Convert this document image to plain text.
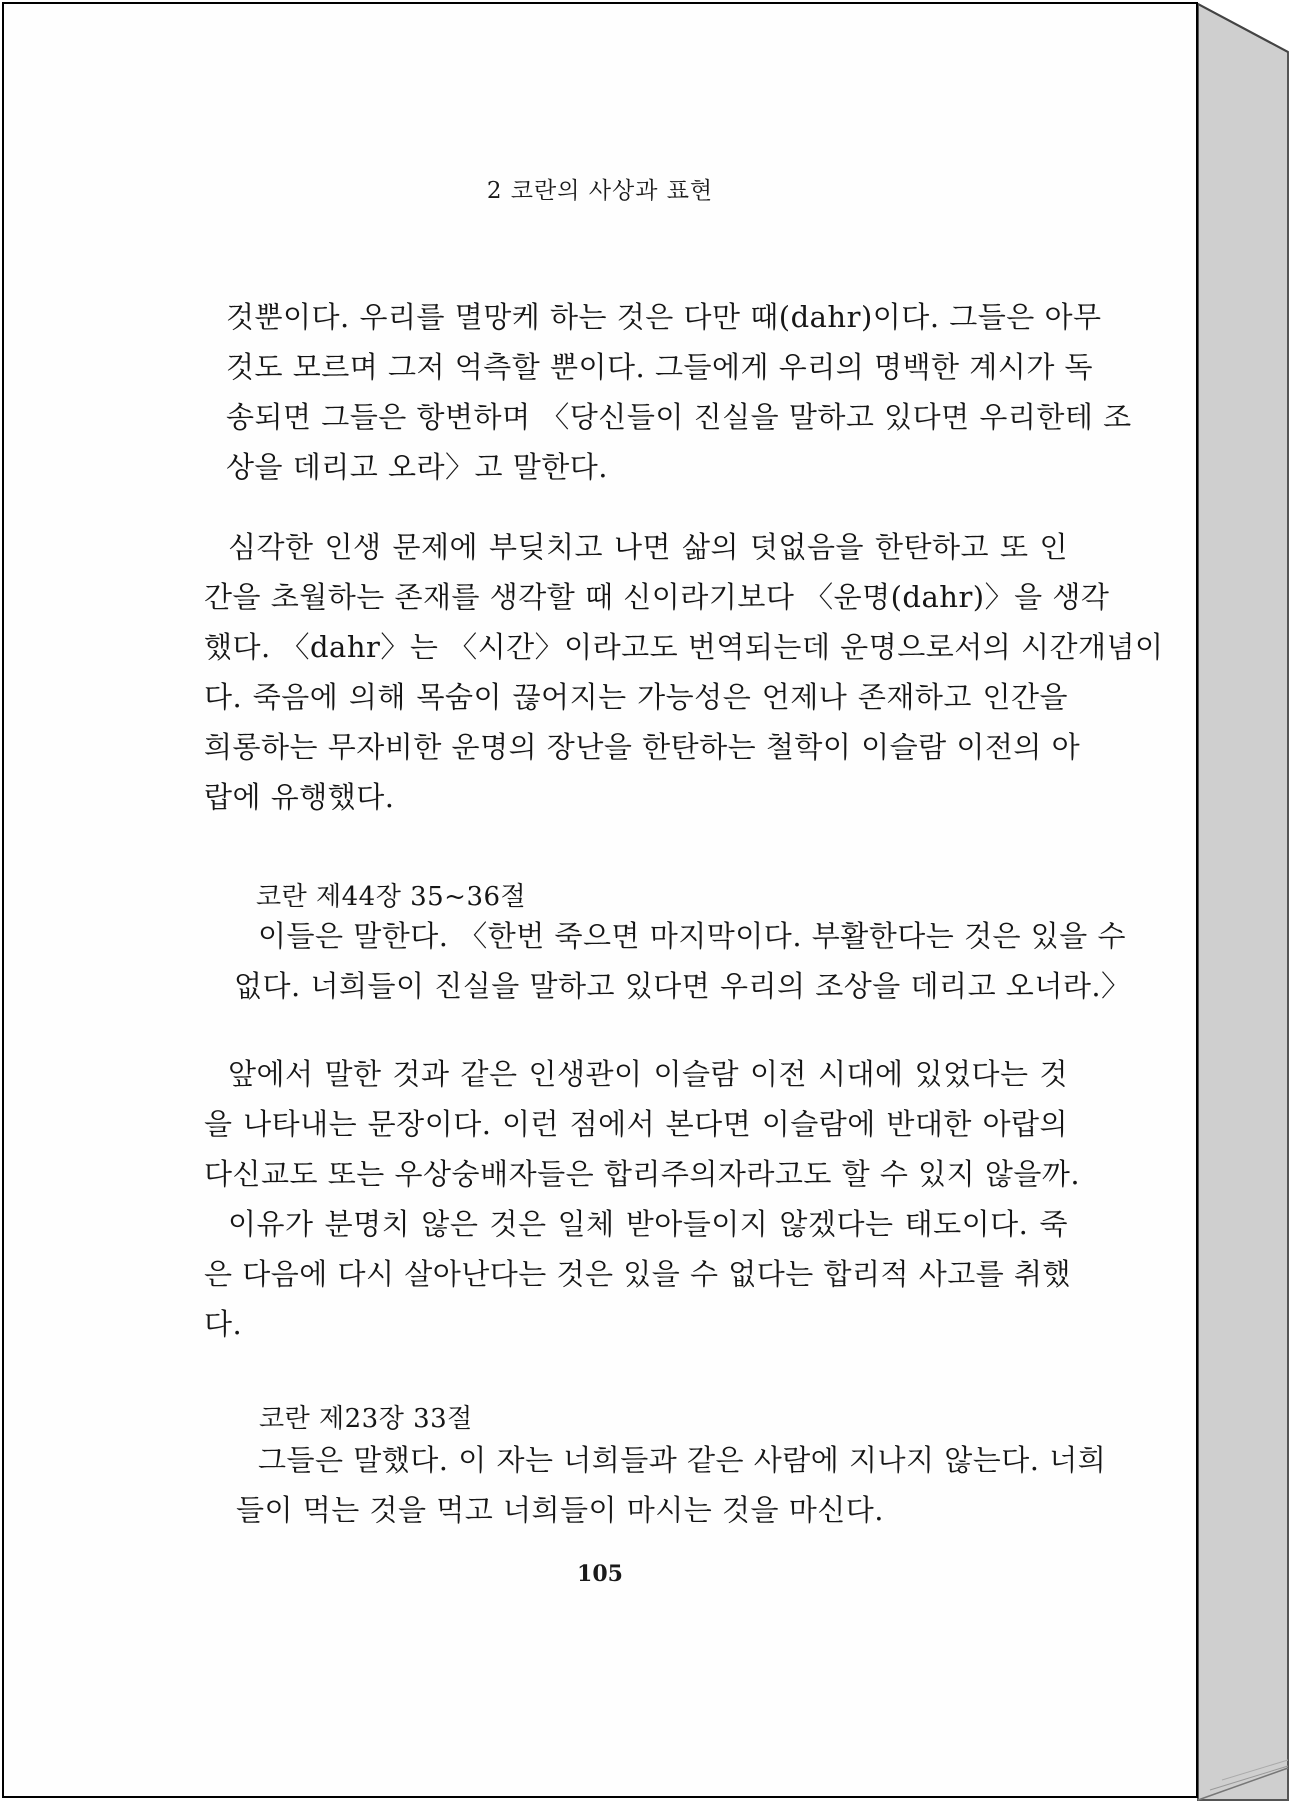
2 코란의 사상과 표현
것뿐이다. 우리를 멸망케 하는 것은 다만 때(dahr)이다. 그들은 아무
것도 모르며 그저 억측할 뿐이다. 그들에게 우리의 명백한 계시가 독
송되면 그들은 항변하며 〈당신들이 진실을 말하고 있다면 우리한테 조
상을 데리고 오라〉고 말한다.
심각한 인생 문제에 부딪치고 나면 삶의 덧없음을 한탄하고 또 인
간을 초월하는 존재를 생각할 때 신이라기보다 〈운명(dahr)〉을 생각
했다. 〈dahr〉는 〈시간〉이라고도 번역되는데 운명으로서의 시간개념이
다. 죽음에 의해 목숨이 끊어지는 가능성은 언제나 존재하고 인간을
희롱하는 무자비한 운명의 장난을 한탄하는 철학이 이슬람 이전의 아
랍에 유행했다.
코란 제44장 35~36절
이들은 말한다. 〈한번 죽으면 마지막이다. 부활한다는 것은 있을 수
없다. 너희들이 진실을 말하고 있다면 우리의 조상을 데리고 오너라.〉
앞에서 말한 것과 같은 인생관이 이슬람 이전 시대에 있었다는 것
을 나타내는 문장이다. 이런 점에서 본다면 이슬람에 반대한 아랍의
다신교도 또는 우상숭배자들은 합리주의자라고도 할 수 있지 않을까.
이유가 분명치 않은 것은 일체 받아들이지 않겠다는 태도이다. 죽
은 다음에 다시 살아난다는 것은 있을 수 없다는 합리적 사고를 취했
다.
코란 제23장 33절
그들은 말했다. 이 자는 너희들과 같은 사람에 지나지 않는다. 너희
들이 먹는 것을 먹고 너희들이 마시는 것을 마신다.
105
